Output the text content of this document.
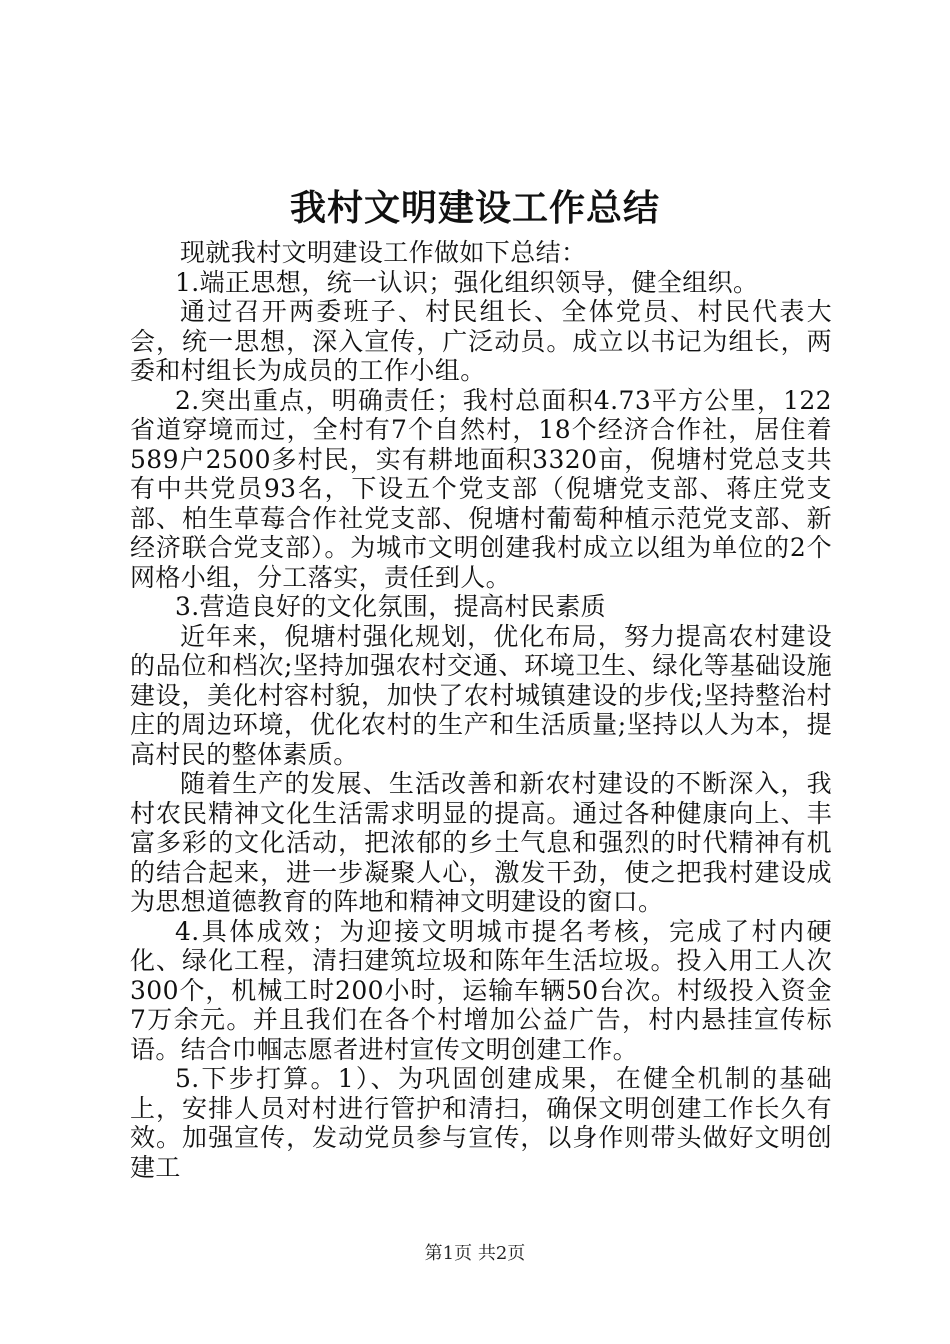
我村文明建设工作总结

现就我村文明建设工作做如下总结：

1.端正思想，统一认识；强化组织领导，健全组织。

通过召开两委班子、村民组长、全体党员、村民代表大会，统一思想，深入宣传，广泛动员。成立以书记为组长，两委和村组长为成员的工作小组。

2.突出重点，明确责任；我村总面积4.73平方公里，122省道穿境而过，全村有7个自然村，18个经济合作社，居住着589户2500多村民，实有耕地面积3320亩，倪塘村党总支共有中共党员93名，下设五个党支部（倪塘党支部、蒋庄党支部、柏生草莓合作社党支部、倪塘村葡萄种植示范党支部、新经济联合党支部）。为城市文明创建我村成立以组为单位的2个网格小组，分工落实，责任到人。

3.营造良好的文化氛围，提高村民素质

近年来，倪塘村强化规划，优化布局，努力提高农村建设的品位和档次;坚持加强农村交通、环境卫生、绿化等基础设施建设，美化村容村貌，加快了农村城镇建设的步伐;坚持整治村庄的周边环境，优化农村的生产和生活质量;坚持以人为本，提高村民的整体素质。

随着生产的发展、生活改善和新农村建设的不断深入，我村农民精神文化生活需求明显的提高。通过各种健康向上、丰富多彩的文化活动，把浓郁的乡土气息和强烈的时代精神有机的结合起来，进一步凝聚人心，激发干劲，使之把我村建设成为思想道德教育的阵地和精神文明建设的窗口。

4.具体成效；为迎接文明城市提名考核，完成了村内硬化、绿化工程，清扫建筑垃圾和陈年生活垃圾。投入用工人次300个，机械工时200小时，运输车辆50台次。村级投入资金7万余元。并且我们在各个村增加公益广告，村内悬挂宣传标语。结合巾帼志愿者进村宣传文明创建工作。

5.下步打算。1）、为巩固创建成果，在健全机制的基础上，安排人员对村进行管护和清扫，确保文明创建工作长久有效。加强宣传，发动党员参与宣传，以身作则带头做好文明创建工

第1页 共2页
